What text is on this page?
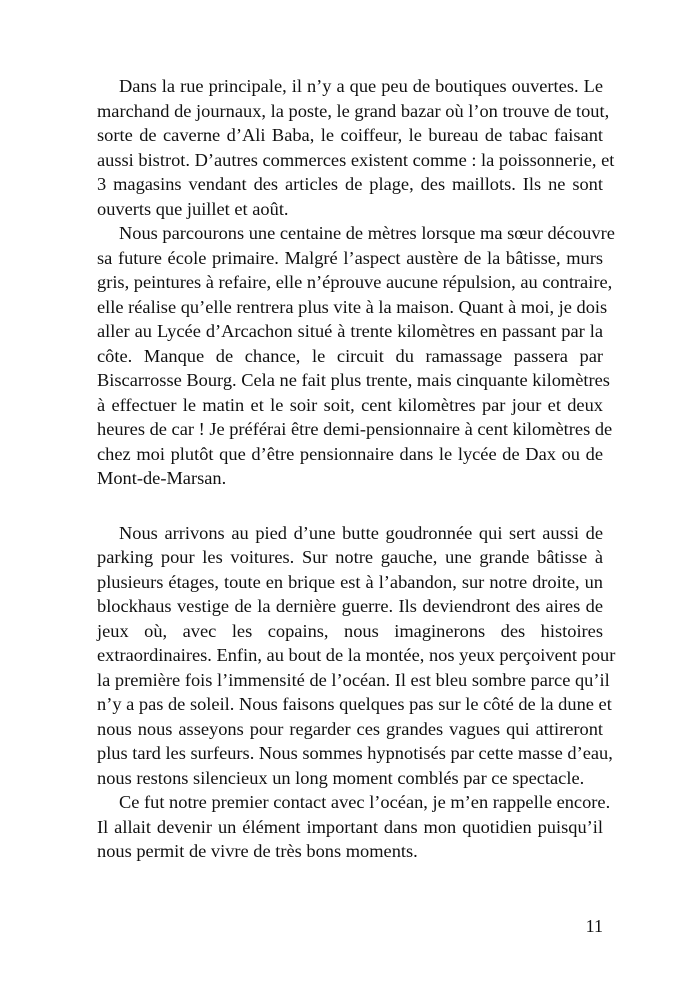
Dans la rue principale, il n’y a que peu de boutiques ouvertes. Le
marchand de journaux, la poste, le grand bazar où l’on trouve de tout,
sorte de caverne d’Ali Baba, le coiffeur, le bureau de tabac faisant
aussi bistrot. D’autres commerces existent comme : la poissonnerie, et
3 magasins vendant des articles de plage, des maillots. Ils ne sont
ouverts que juillet et août.
Nous parcourons une centaine de mètres lorsque ma sœur découvre
sa future école primaire. Malgré l’aspect austère de la bâtisse, murs
gris, peintures à refaire, elle n’éprouve aucune répulsion, au contraire,
elle réalise qu’elle rentrera plus vite à la maison. Quant à moi, je dois
aller au Lycée d’Arcachon situé à trente kilomètres en passant par la
côte. Manque de chance, le circuit du ramassage passera par
Biscarrosse Bourg. Cela ne fait plus trente, mais cinquante kilomètres
à effectuer le matin et le soir soit, cent kilomètres par jour et deux
heures de car ! Je préférai être demi-pensionnaire à cent kilomètres de
chez moi plutôt que d’être pensionnaire dans le lycée de Dax ou de
Mont-de-Marsan.
Nous arrivons au pied d’une butte goudronnée qui sert aussi de
parking pour les voitures. Sur notre gauche, une grande bâtisse à
plusieurs étages, toute en brique est à l’abandon, sur notre droite, un
blockhaus vestige de la dernière guerre. Ils deviendront des aires de
jeux où, avec les copains, nous imaginerons des histoires
extraordinaires. Enfin, au bout de la montée, nos yeux perçoivent pour
la première fois l’immensité de l’océan. Il est bleu sombre parce qu’il
n’y a pas de soleil. Nous faisons quelques pas sur le côté de la dune et
nous nous asseyons pour regarder ces grandes vagues qui attireront
plus tard les surfeurs. Nous sommes hypnotisés par cette masse d’eau,
nous restons silencieux un long moment comblés par ce spectacle.
Ce fut notre premier contact avec l’océan, je m’en rappelle encore.
Il allait devenir un élément important dans mon quotidien puisqu’il
nous permit de vivre de très bons moments.
11
